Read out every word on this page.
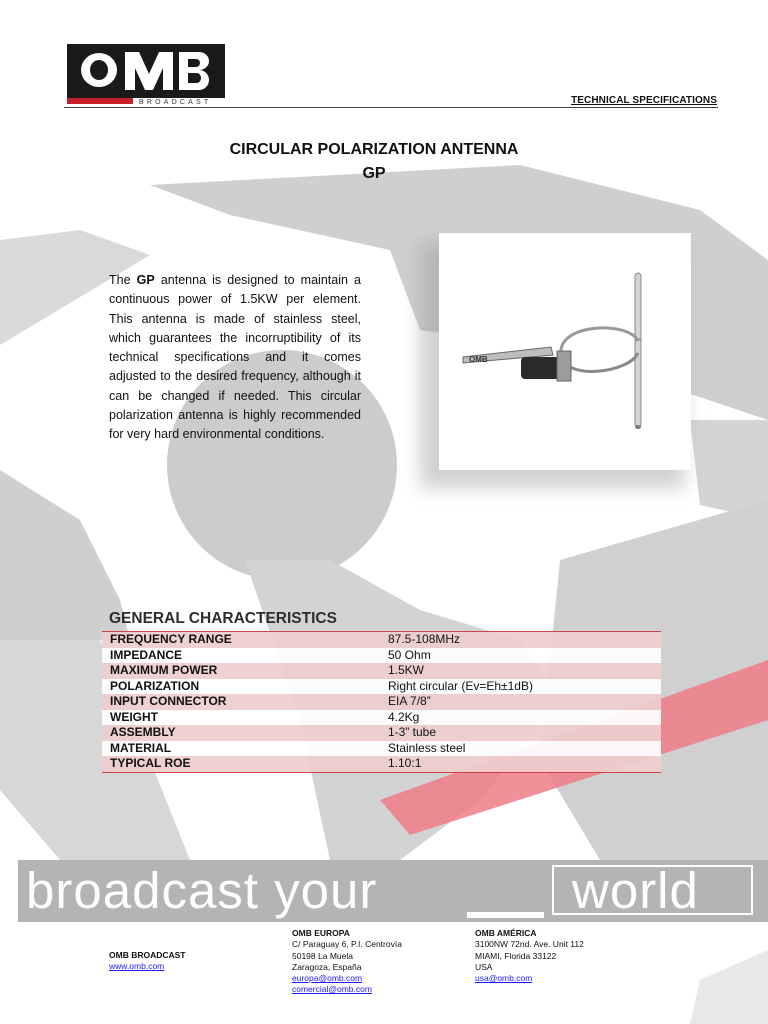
BROADCAST	TECHNICAL SPECIFICATIONS
CIRCULAR POLARIZATION ANTENNA
GP
The GP antenna is designed to maintain a continuous power of 1.5KW per element. This antenna is made of stainless steel, which guarantees the incorruptibility of its technical specifications and it comes adjusted to the desired frequency, although it can be changed if needed. This circular polarization antenna is highly recommended for very hard environmental conditions.
OMB
GENERAL CHARACTERISTICS
FREQUENCY RANGE	87.5-108MHz
IMPEDANCE	50 Ohm
MAXIMUM POWER	1.5KW
POLARIZATION	Right circular (Ev=Eh±1dB)
INPUT CONNECTOR	EIA 7/8”
WEIGHT	4.2Kg
ASSEMBLY	1-3” tube
MATERIAL	Stainless steel
TYPICAL ROE	1.10:1
broadcast your	world
OMB BROADCAST
www.omb.com
OMB EUROPA
C/ Paraguay 6, P.I. Centrovía
50198 La Muela
Zaragoza, España
europa@omb.com
comercial@omb.com
OMB AMÉRICA
3100NW 72nd. Ave. Unit 112
MIAMI, Florida 33122
USA
usa@omb.com
